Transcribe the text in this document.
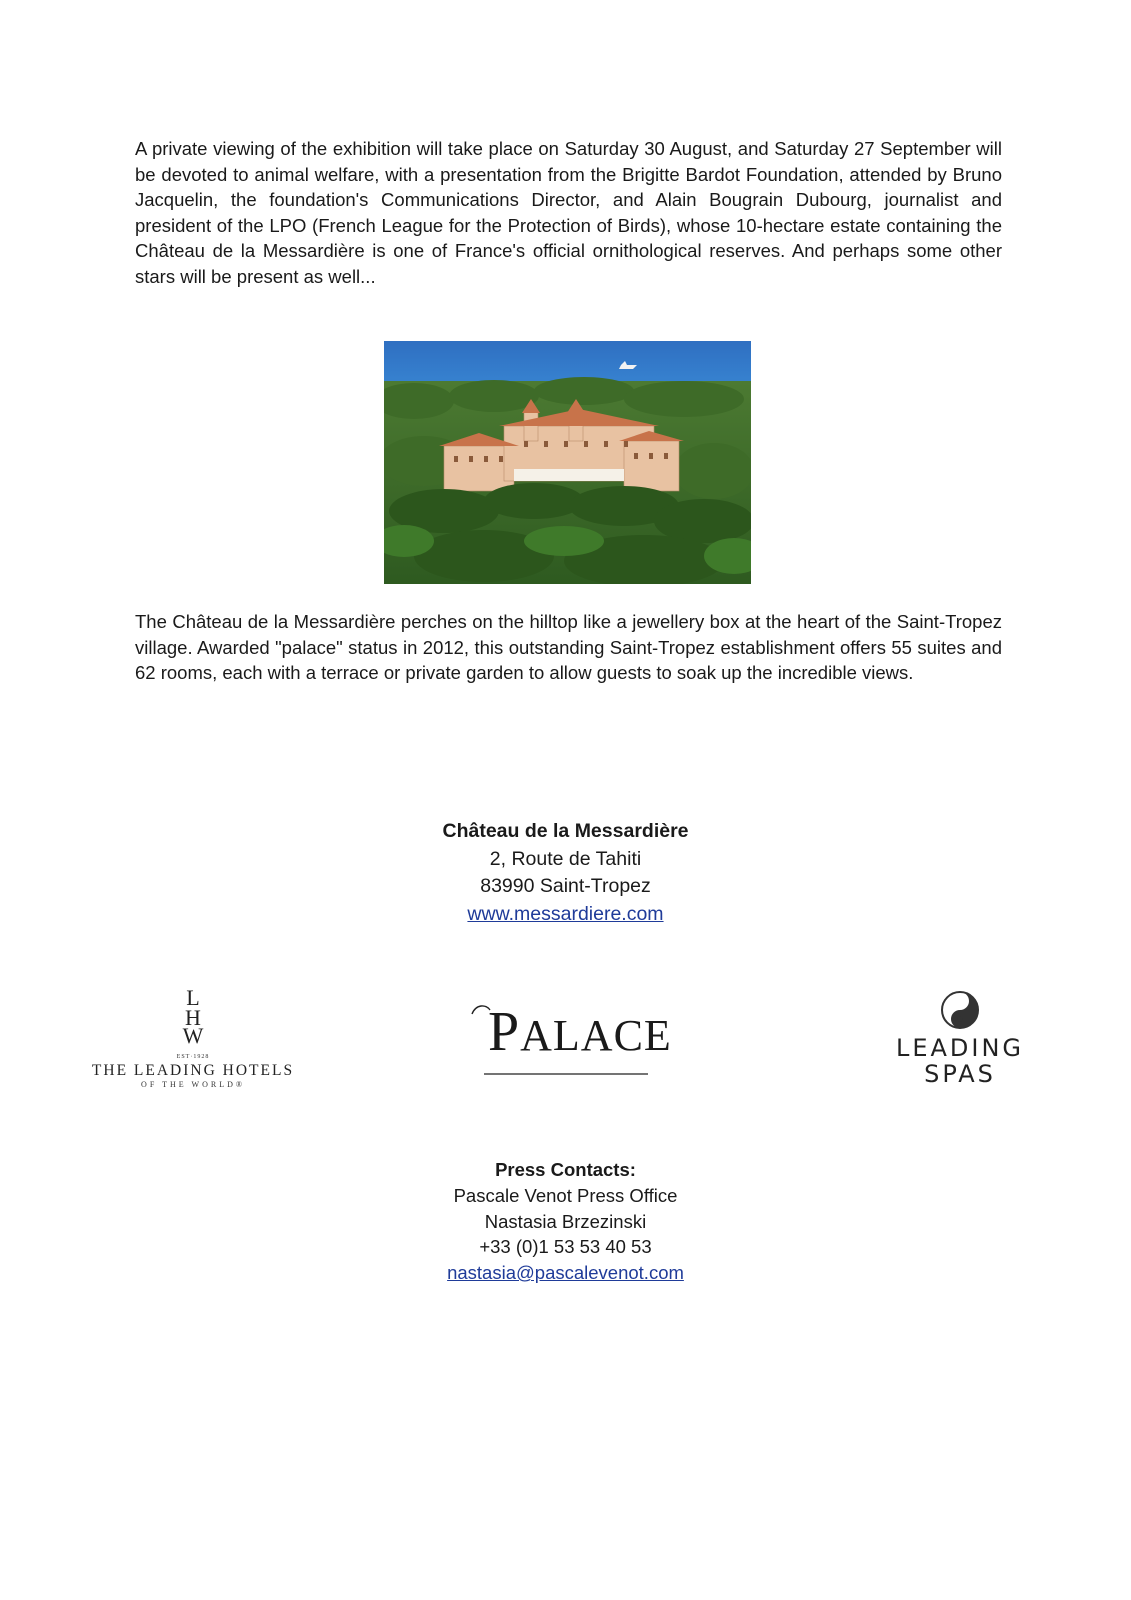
A private viewing of the exhibition will take place on Saturday 30 August, and Saturday 27 September will be devoted to animal welfare, with a presentation from the Brigitte Bardot Foundation, attended by Bruno Jacquelin, the foundation's Communications Director, and Alain Bougrain Dubourg, journalist and president of the LPO (French League for the Protection of Birds), whose 10-hectare estate containing the Château de la Messardière is one of France's official ornithological reserves. And perhaps some other stars will be present as well...

The Château de la Messardière perches on the hilltop like a jewellery box at the heart of the Saint-Tropez village. Awarded "palace" status in 2012, this outstanding Saint-Tropez establishment offers 55 suites and 62 rooms, each with a terrace or private garden to allow guests to soak up the incredible views.

Château de la Messardière
2, Route de Tahiti
83990 Saint-Tropez
www.messardiere.com
L
H
W
EST·1928
THE LEADING HOTELS
OF THE WORLD®
PALACE	LEADING
SPAS
Press Contacts:
Pascale Venot Press Office
Nastasia Brzezinski
+33 (0)1 53 53 40 53
nastasia@pascalevenot.com
